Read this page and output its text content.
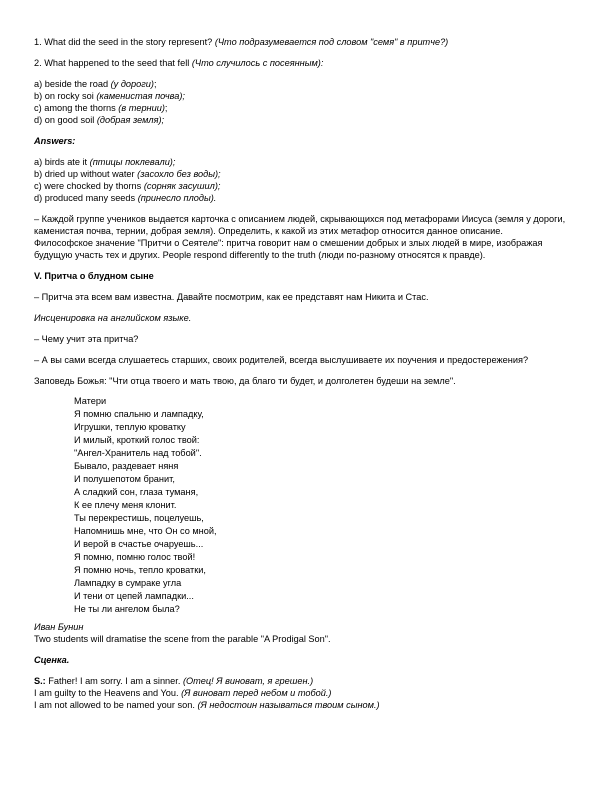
1. What did the seed in the story represent? (Что подразумевается под словом "семя" в притче?)

2. What happened to the seed that fell (Что случилось с посеянным):

a) beside the road (у дороги);

b) on rocky soi (каменистая почва);

c) among the thorns (в тернии);

d) on good soil (добрая земля);

Answers:

a) birds ate it (птицы поклевали);

b) dried up without water (засохло без воды);

c) were chocked by thorns (сорняк засушил);

d) produced many seeds (принесло плоды).

– Каждой группе учеников выдается карточка с описанием людей, скрывающихся под метафорами Иисуса (земля у дороги, каменистая почва, тернии, добрая земля). Определить, к какой из этих метафор относится данное описание.

Философское значение "Притчи о Сеятеле": притча говорит нам о смешении добрых и злых людей в мире, изображая будущую участь тех и других. People respond differently to the truth (люди по-разному относятся к правде).

V. Притча о блудном сыне

– Притча эта всем вам известна. Давайте посмотрим, как ее представят нам Никита и Стас.

Инсценировка на английском языке.

– Чему учит эта притча?

– А вы сами всегда слушаетесь старших, своих родителей, всегда выслушиваете их поучения и предостережения?

Заповедь Божья: "Чти отца твоего и мать твою, да благо ти будет, и долголетен будеши на земле".

Матери
Я помню спальню и лампадку,
Игрушки, теплую кроватку
И милый, кроткий голос твой:
"Ангел-Хранитель над тобой".
Бывало, раздевает няня
И полушепотом бранит,
А сладкий сон, глаза туманя,
К ее плечу меня клонит.
Ты перекрестишь, поцелуешь,
Напомнишь мне, что Он со мной,
И верой в счастье очаруешь...
Я помню, помню голос твой!
Я помню ночь, тепло кроватки,
Лампадку в сумраке угла
И тени от цепей лампадки...
Не ты ли ангелом была?

Иван Бунин

Two students will dramatise the scene from the parable "A Prodigal Son".

Сценка.

S.: Father! I am sorry. I am a sinner. (Отец! Я виноват, я грешен.)

I am guilty to the Heavens and You. (Я виноват перед небом и тобой.)

I am not allowed to be named your son. (Я недостоин называться твоим сыном.)
